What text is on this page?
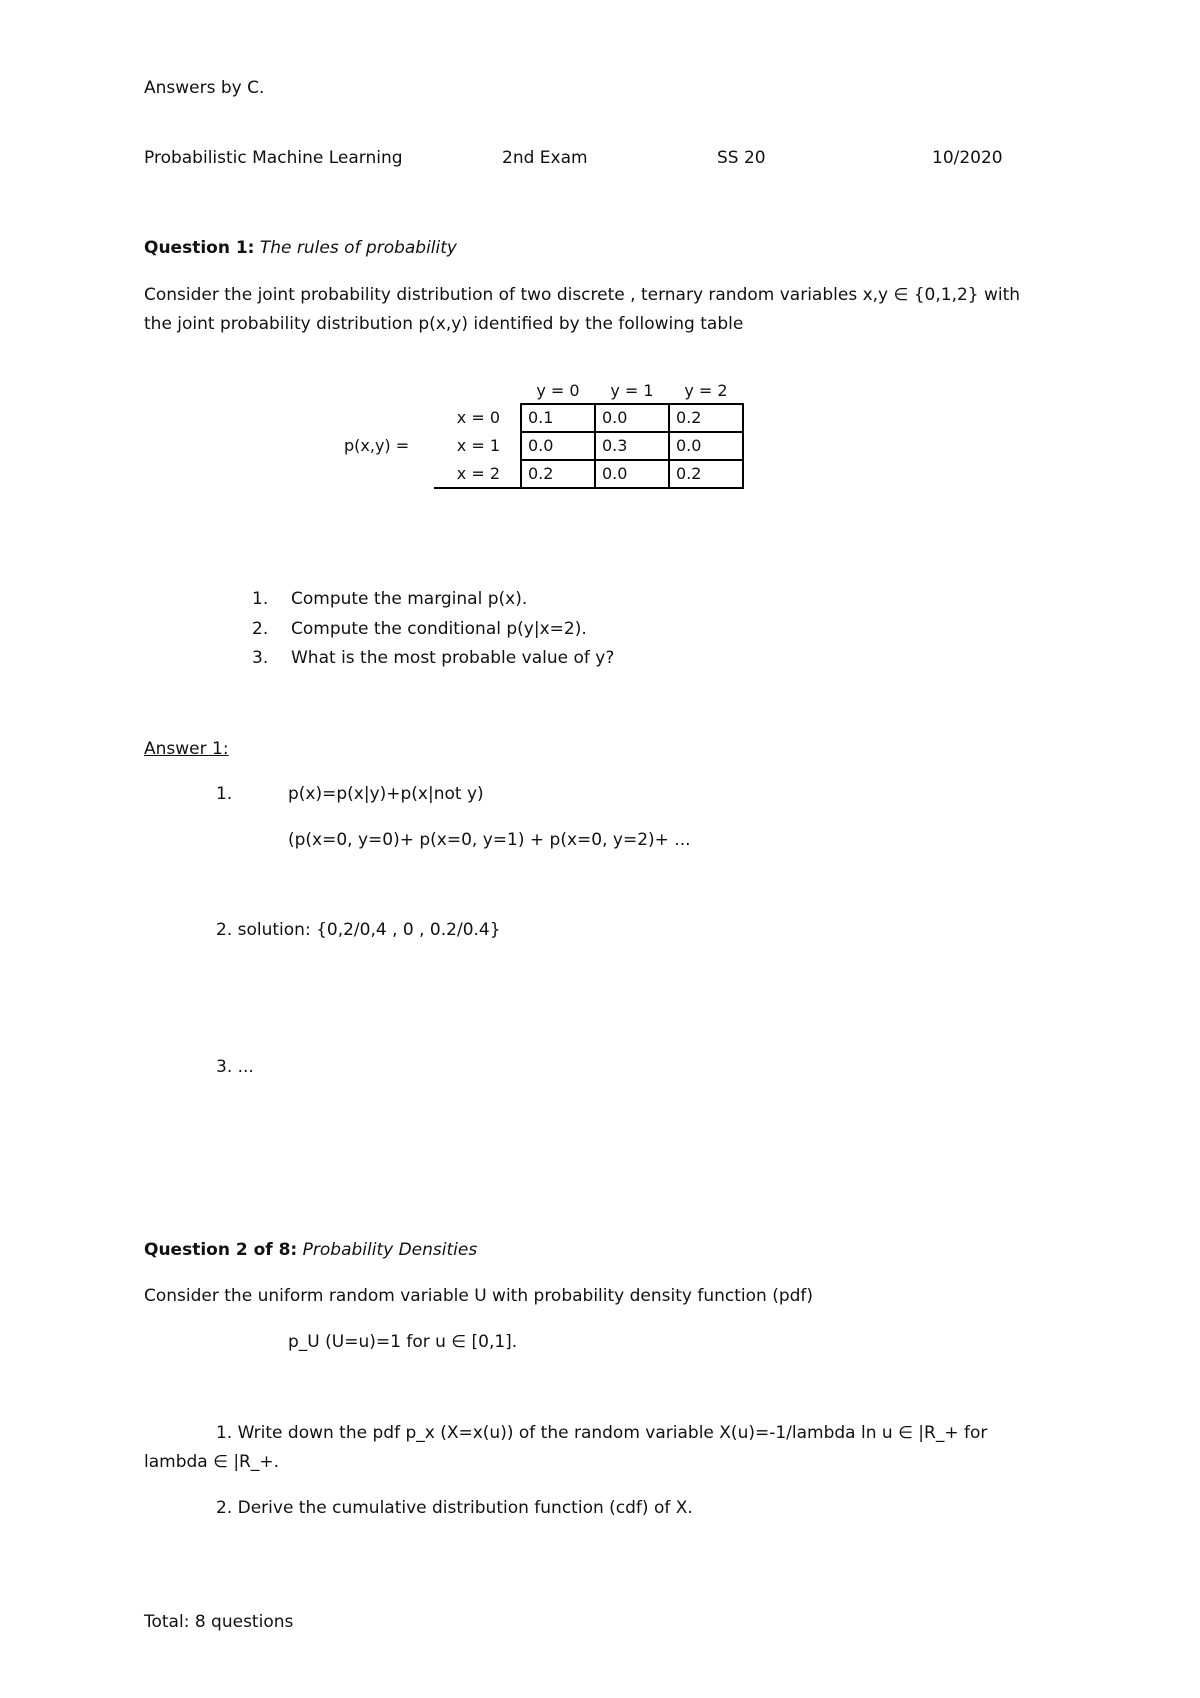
Answers by C.
Probabilistic Machine Learning	2nd Exam	SS 20	10/2020
Question 1: The rules of probability
Consider the joint probability distribution of two discrete , ternary random variables x,y ∈ {0,1,2} with
the joint probability distribution p(x,y) identified by the following table
p(x,y) =
	y = 0	y = 1	y = 2
x = 0	0.1	0.0	0.2
x = 1	0.0	0.3	0.0
x = 2	0.2	0.0	0.2
1. Compute the marginal p(x).
2. Compute the conditional p(y|x=2).
3. What is the most probable value of y?
Answer 1:
1.	p(x)=p(x|y)+p(x|not y)
(p(x=0, y=0)+ p(x=0, y=1) + p(x=0, y=2)+ ...
2. solution: {0,2/0,4 , 0 , 0.2/0.4}
3. ...
Question 2 of 8: Probability Densities
Consider the uniform random variable U with probability density function (pdf)
p_U (U=u)=1 for u ∈ [0,1].
1. Write down the pdf p_x (X=x(u)) of the random variable X(u)=-1/lambda ln u ∈ |R_+ for
lambda ∈ |R_+.
2. Derive the cumulative distribution function (cdf) of X.
Total: 8 questions
